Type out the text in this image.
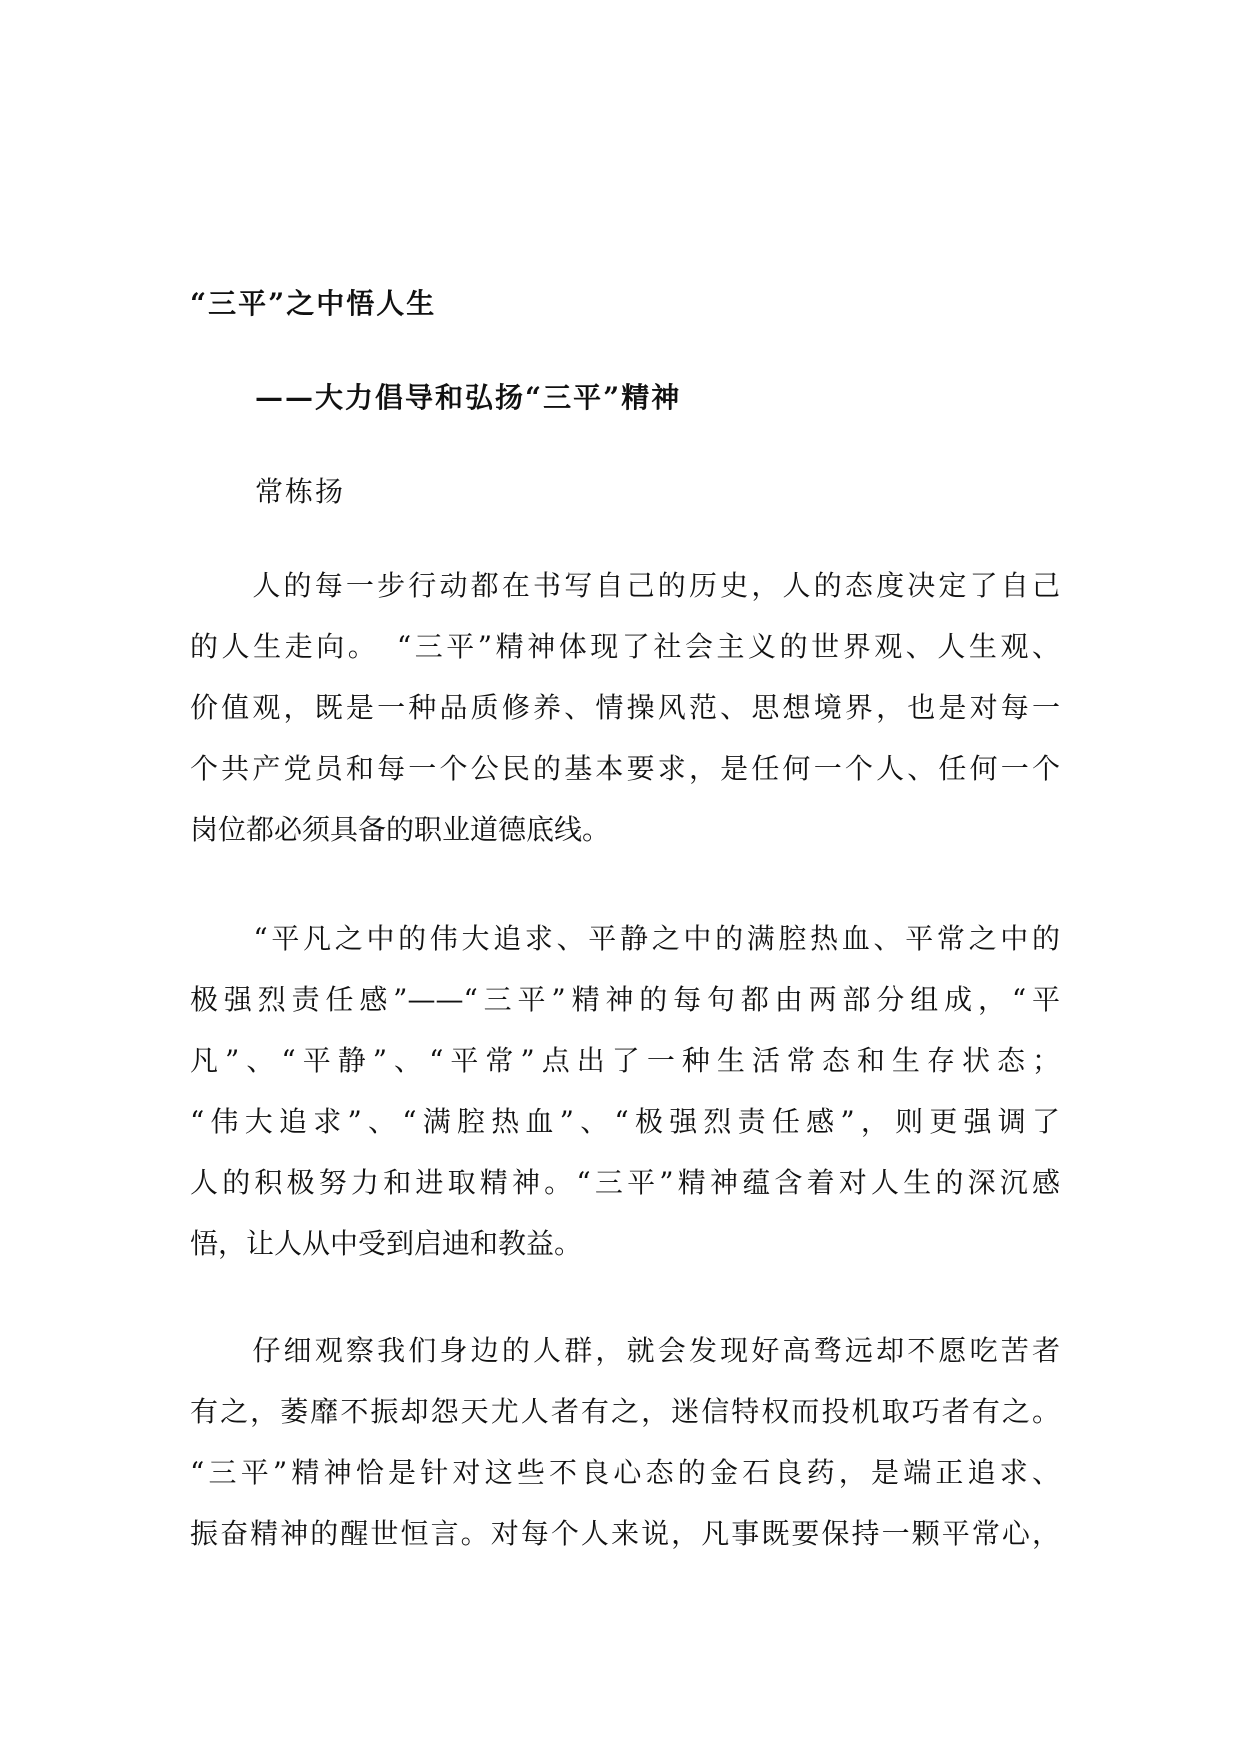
“三平”之中悟人生
——大力倡导和弘扬“三平”精神

常栋扬

　　人的每一步行动都在书写自己的历史，人的态度决定了自己
的人生走向。　“三平”精神体现了社会主义的世界观、人生观、
价值观，既是一种品质修养、情操风范、思想境界，也是对每一
个共产党员和每一个公民的基本要求，是任何一个人、任何一个
岗位都必须具备的职业道德底线。
　　“平凡之中的伟大追求、平静之中的满腔热血、平常之中的
极强烈责任感”——“三平”精神的每句都由两部分组成，“平
凡”、“平静”、“平常”点出了一种生活常态和生存状态；
“伟大追求”、“满腔热血”、“极强烈责任感”，则更强调了
人的积极努力和进取精神。“三平”精神蕴含着对人生的深沉感
悟，让人从中受到启迪和教益。
　　仔细观察我们身边的人群，就会发现好高骛远却不愿吃苦者
有之，萎靡不振却怨天尤人者有之，迷信特权而投机取巧者有之。
“三平”精神恰是针对这些不良心态的金石良药，是端正追求、
振奋精神的醒世恒言。对每个人来说，凡事既要保持一颗平常心，
